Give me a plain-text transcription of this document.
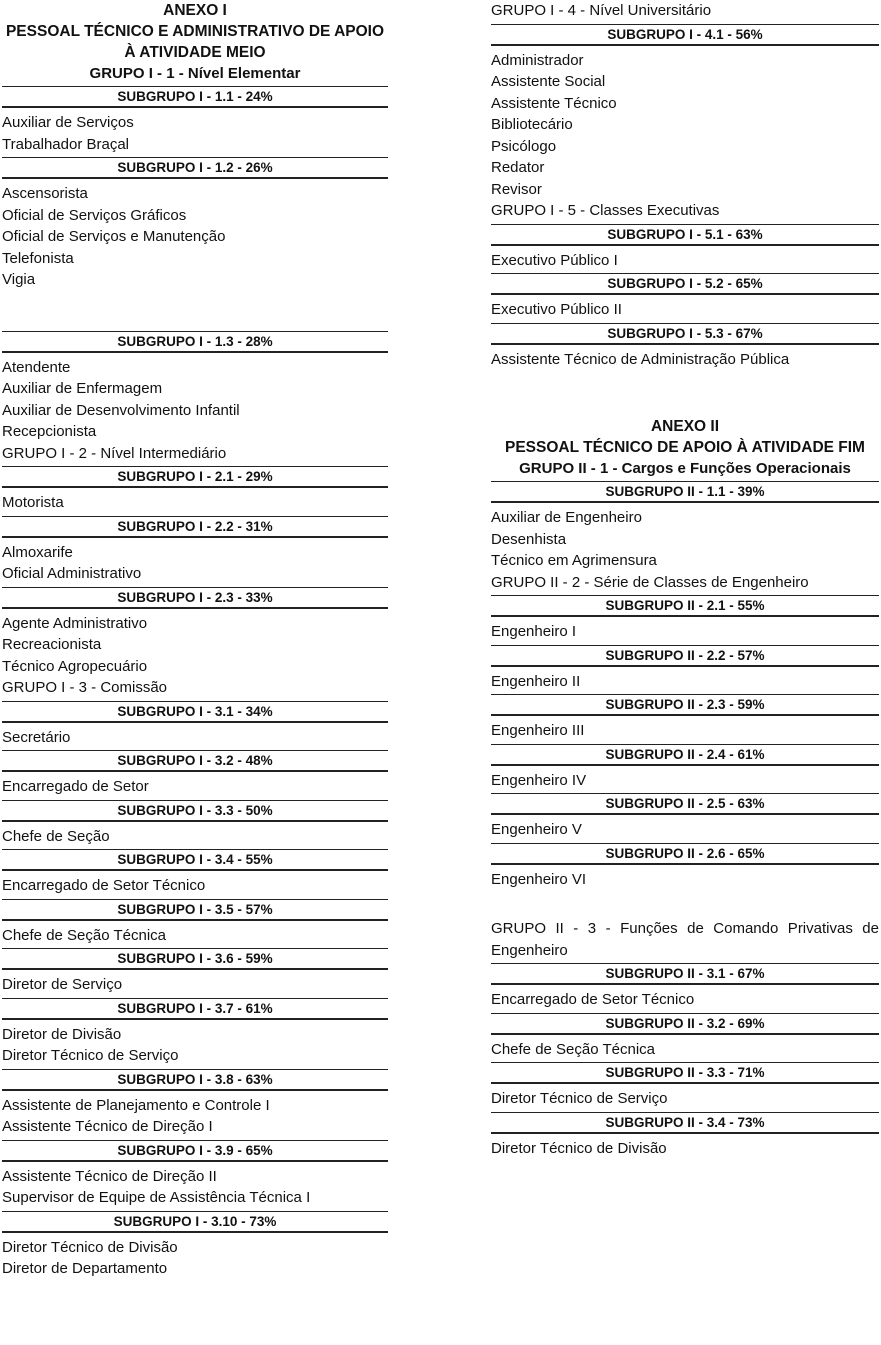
ANEXO I
PESSOAL TÉCNICO E ADMINISTRATIVO DE APOIO
À ATIVIDADE MEIO
GRUPO I - 1 - Nível Elementar
SUBGRUPO I - 1.1 - 24%
Auxiliar de Serviços
Trabalhador Braçal
SUBGRUPO I - 1.2 - 26%
Ascensorista
Oficial de Serviços Gráficos
Oficial de Serviços e Manutenção
Telefonista
Vigia
SUBGRUPO I - 1.3 - 28%
Atendente
Auxiliar de Enfermagem
Auxiliar de Desenvolvimento Infantil
Recepcionista
GRUPO I - 2 - Nível Intermediário
SUBGRUPO I - 2.1 - 29%
Motorista
SUBGRUPO I - 2.2 - 31%
Almoxarife
Oficial Administrativo
SUBGRUPO I - 2.3 - 33%
Agente Administrativo
Recreacionista
Técnico Agropecuário
GRUPO I - 3 - Comissão
SUBGRUPO I - 3.1 - 34%
Secretário
SUBGRUPO I - 3.2 - 48%
Encarregado de Setor
SUBGRUPO I - 3.3 - 50%
Chefe de Seção
SUBGRUPO I - 3.4 - 55%
Encarregado de Setor Técnico
SUBGRUPO I - 3.5 - 57%
Chefe de Seção Técnica
SUBGRUPO I - 3.6 - 59%
Diretor de Serviço
SUBGRUPO I - 3.7 - 61%
Diretor de Divisão
Diretor Técnico de Serviço
SUBGRUPO I - 3.8 - 63%
Assistente de Planejamento e Controle I
Assistente Técnico de Direção I
SUBGRUPO I - 3.9 - 65%
Assistente Técnico de Direção II
Supervisor de Equipe de Assistência Técnica I
SUBGRUPO I - 3.10 - 73%
Diretor Técnico de Divisão
Diretor de Departamento
GRUPO I - 4 - Nível Universitário
SUBGRUPO I - 4.1 - 56%
Administrador
Assistente Social
Assistente Técnico
Bibliotecário
Psicólogo
Redator
Revisor
GRUPO I - 5 - Classes Executivas
SUBGRUPO I - 5.1 - 63%
Executivo Público I
SUBGRUPO I - 5.2 - 65%
Executivo Público II
SUBGRUPO I - 5.3 - 67%
Assistente Técnico de Administração Pública
ANEXO II
PESSOAL TÉCNICO DE APOIO À ATIVIDADE FIM
GRUPO II - 1 - Cargos e Funções Operacionais
SUBGRUPO II - 1.1 - 39%
Auxiliar de Engenheiro
Desenhista
Técnico em Agrimensura
GRUPO II - 2 - Série de Classes de Engenheiro
SUBGRUPO II - 2.1 - 55%
Engenheiro I
SUBGRUPO II - 2.2 - 57%
Engenheiro II
SUBGRUPO II - 2.3 - 59%
Engenheiro III
SUBGRUPO II - 2.4 - 61%
Engenheiro IV
SUBGRUPO II - 2.5 - 63%
Engenheiro V
SUBGRUPO II - 2.6 - 65%
Engenheiro VI
GRUPO II - 3 - Funções de Comando Privativas de Engenheiro
SUBGRUPO II - 3.1 - 67%
Encarregado de Setor Técnico
SUBGRUPO II - 3.2 - 69%
Chefe de Seção Técnica
SUBGRUPO II - 3.3 - 71%
Diretor Técnico de Serviço
SUBGRUPO II - 3.4 - 73%
Diretor Técnico de Divisão
